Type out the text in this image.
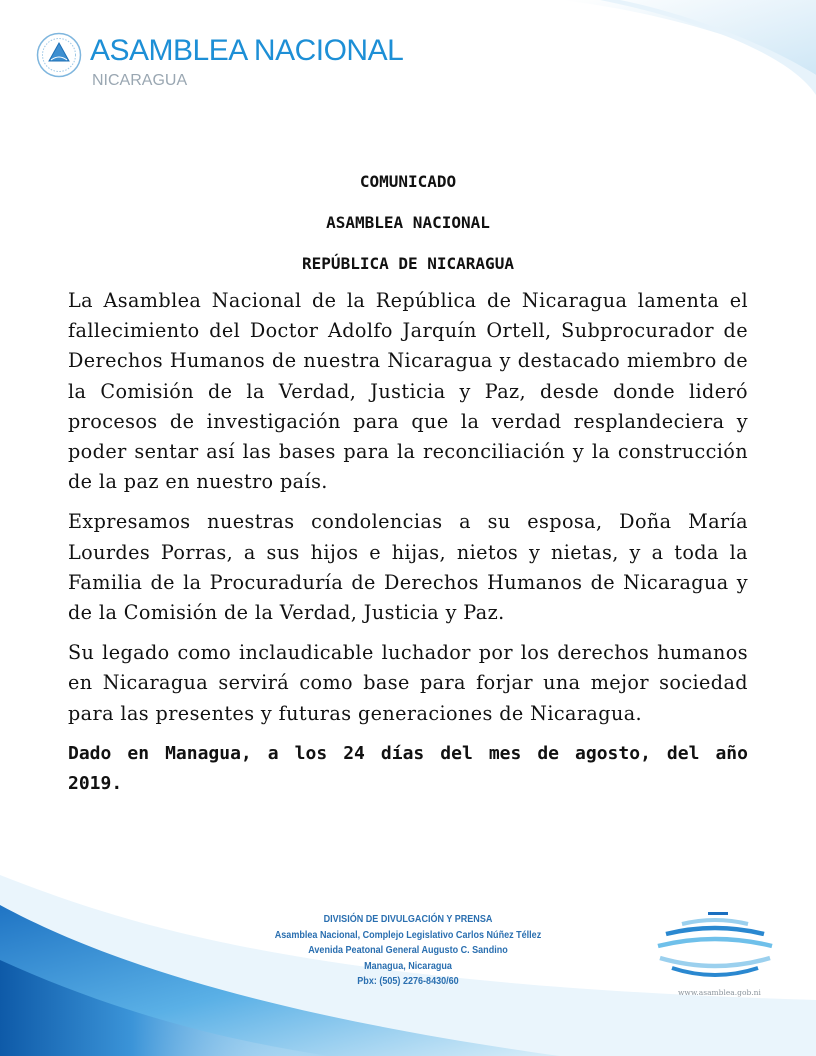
ASAMBLEA NACIONAL
NICARAGUA

COMUNICADO

ASAMBLEA NACIONAL

REPÚBLICA DE NICARAGUA

La Asamblea Nacional de la República de Nicaragua lamenta el fallecimiento del Doctor Adolfo Jarquín Ortell, Subprocurador de Derechos Humanos de nuestra Nicaragua y destacado miembro de la Comisión de la Verdad, Justicia y Paz, desde donde lideró procesos de investigación para que la verdad resplandeciera y poder sentar así las bases para la reconciliación y la construcción de la paz en nuestro país.

Expresamos nuestras condolencias a su esposa, Doña María Lourdes Porras, a sus hijos e hijas, nietos y nietas, y a toda la Familia de la Procuraduría de Derechos Humanos de Nicaragua y de la Comisión de la Verdad, Justicia y Paz.

Su legado como inclaudicable luchador por los derechos humanos en Nicaragua servirá como base para forjar una mejor sociedad para las presentes y futuras generaciones de Nicaragua.

Dado en Managua, a los 24 días del mes de agosto, del año 2019.

DIVISIÓN DE DIVULGACIÓN Y PRENSA
Asamblea Nacional, Complejo Legislativo Carlos Núñez Téllez
Avenida Peatonal General Augusto C. Sandino
Managua, Nicaragua
Pbx: (505) 2276-8430/60
www.asamblea.gob.ni
